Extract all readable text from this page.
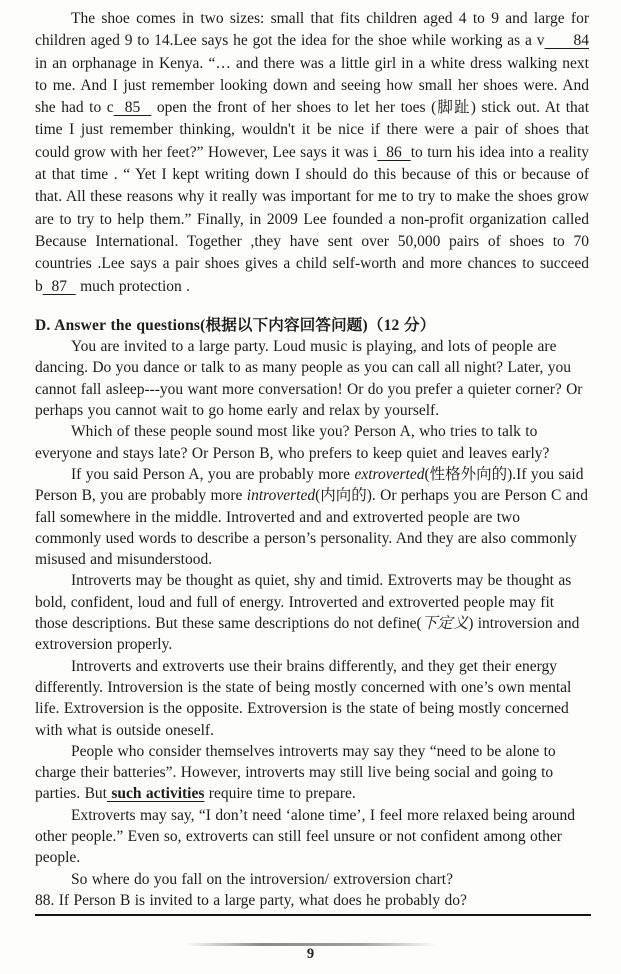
The shoe comes in two sizes: small that fits children aged 4 to 9 and large for children aged 9 to 14.Lee says he got the idea for the shoe while working as a v      84 in an orphanage in Kenya. “… and there was a little girl in a white dress walking next to me. And I just remember looking down and seeing how small her shoes were. And she had to c  85   open the front of her shoes to let her toes (脚趾) stick out. At that time I just remember thinking, wouldn't it be nice if there were a pair of shoes that could grow with her feet?” However, Lee says it was i  86  to turn his idea into a reality at that time . “ Yet I kept writing down I should do this because of this or because of that. All these reasons why it really was important for me to try to make the shoes grow are to try to help them.” Finally, in 2009 Lee founded a non-profit organization called Because International. Together ,they have sent over 50,000 pairs of shoes to 70 countries .Lee says a pair shoes gives a child self-worth and more chances to succeed b  87   much protection .

D. Answer the questions(根据以下内容回答问题)（12 分）

You are invited to a large party. Loud music is playing, and lots of people are dancing. Do you dance or talk to as many people as you can call all night? Later, you cannot fall asleep---you want more conversation! Or do you prefer a quieter corner? Or perhaps you cannot wait to go home early and relax by yourself.

Which of these people sound most like you? Person A, who tries to talk to everyone and stays late? Or Person B, who prefers to keep quiet and leaves early?

If you said Person A, you are probably more extroverted(性格外向的).If you said Person B, you are probably more introverted(内向的). Or perhaps you are Person C and fall somewhere in the middle. Introverted and and extroverted people are two commonly used words to describe a person’s personality. And they are also commonly misused and misunderstood.

Introverts may be thought as quiet, shy and timid. Extroverts may be thought as bold, confident, loud and full of energy. Introverted and extroverted people may fit those descriptions. But these same descriptions do not define(下定义) introversion and extroversion properly.

Introverts and extroverts use their brains differently, and they get their energy differently. Introversion is the state of being mostly concerned with one’s own mental life. Extroversion is the opposite. Extroversion is the state of being mostly concerned with what is outside oneself.

People who consider themselves introverts may say they “need to be alone to charge their batteries”. However, introverts may still live being social and going to parties. But such activities require time to prepare.

Extroverts may say, “I don’t need ‘alone time’, I feel more relaxed being around other people.” Even so, extroverts can still feel unsure or not confident among other people.

So where do you fall on the introversion/ extroversion chart?

88. If Person B is invited to a large party, what does he probably do?

9
